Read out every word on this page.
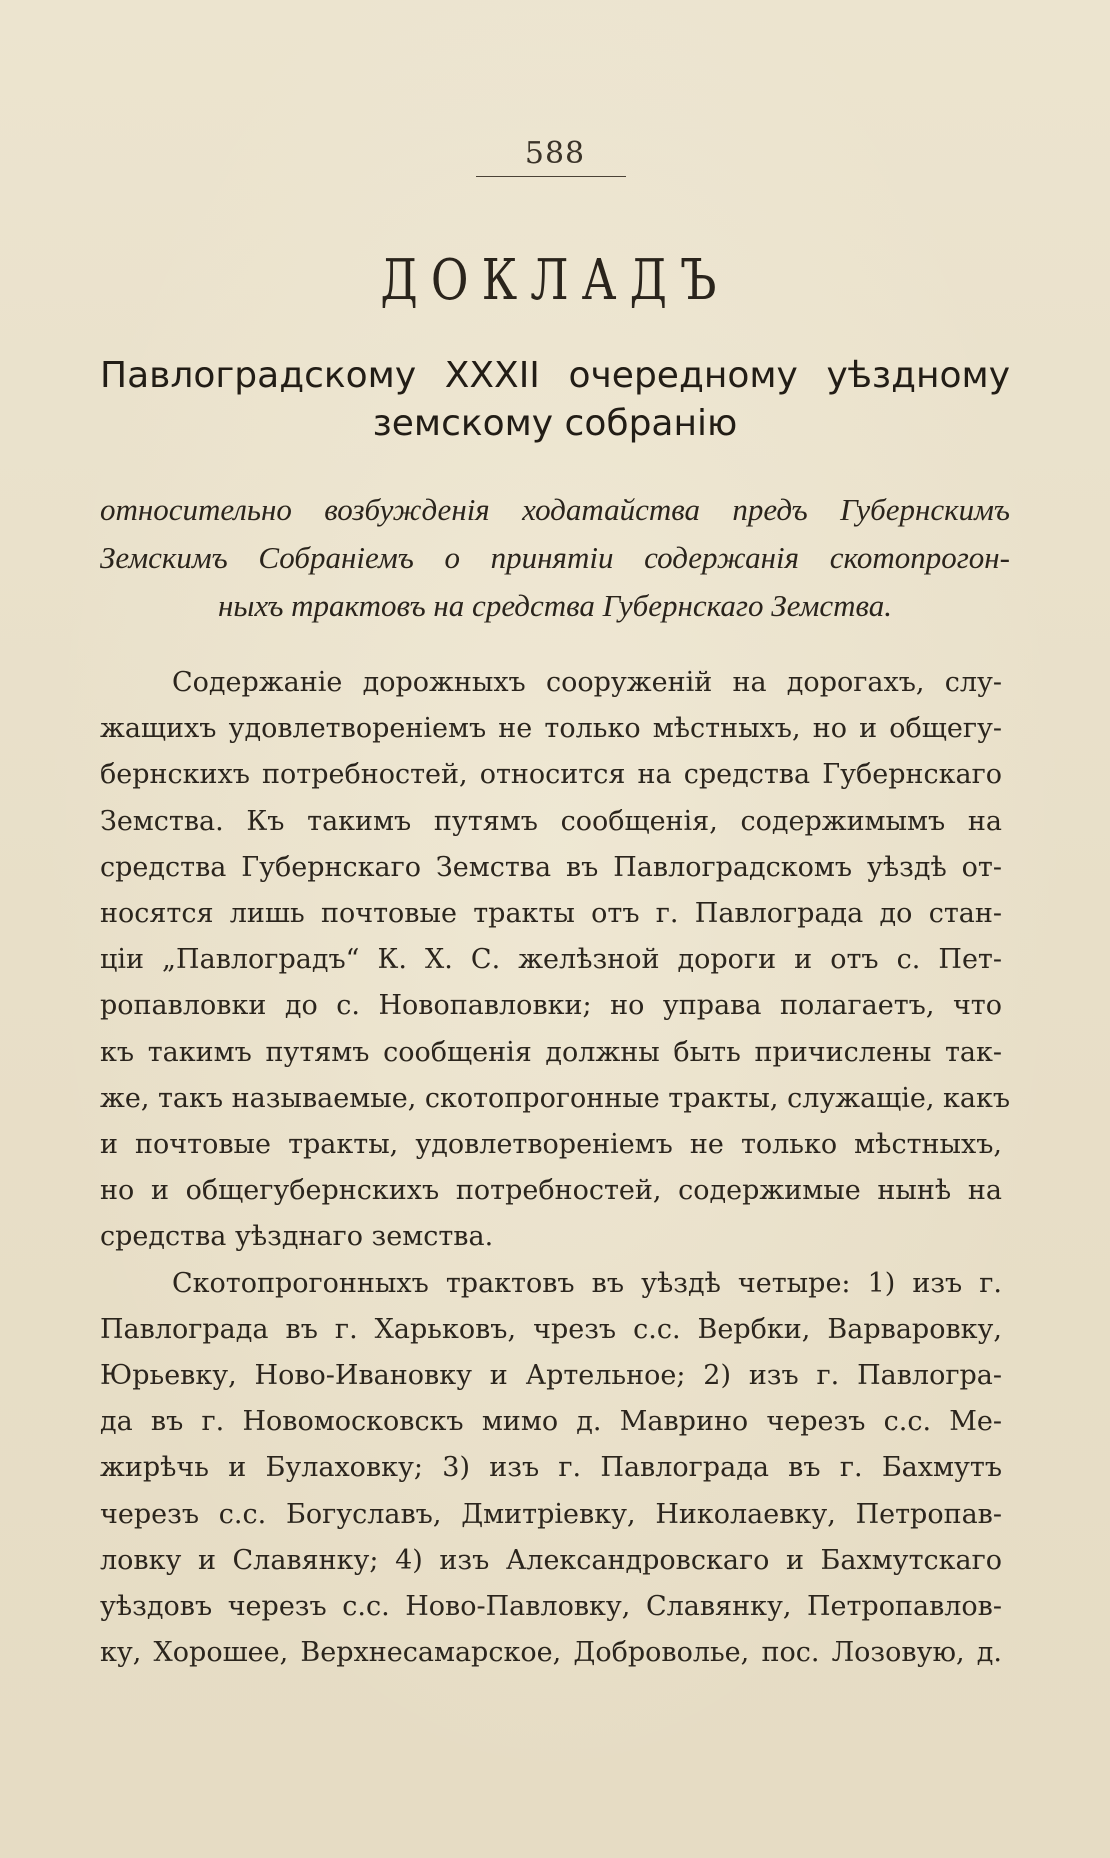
588
ДОКЛАДЪ
Павлоградскому XXXII очередному уѣздному
земскому собранію
относительно возбужденія ходатайства предъ Губернскимъ
Земскимъ Собраніемъ о принятіи содержанія скотопрогон-
ныхъ трактовъ на средства Губернскаго Земства.
Содержаніе дорожныхъ сооруженій на дорогахъ, слу-
жащихъ удовлетвореніемъ не только мѣстныхъ, но и общегу-
бернскихъ потребностей, относится на средства Губернскаго
Земства. Къ такимъ путямъ сообщенія, содержимымъ на
средства Губернскаго Земства въ Павлоградскомъ уѣздѣ от-
носятся лишь почтовые тракты отъ г. Павлограда до стан-
ціи „Павлоградъ“ К. Х. С. желѣзной дороги и отъ с. Пет-
ропавловки до с. Новопавловки; но управа полагаетъ, что
къ такимъ путямъ сообщенія должны быть причислены так-
же, такъ называемые, скотопрогонные тракты, служащіе, какъ
и почтовые тракты, удовлетвореніемъ не только мѣстныхъ,
но и общегубернскихъ потребностей, содержимые нынѣ на
средства уѣзднаго земства.
Скотопрогонныхъ трактовъ въ уѣздѣ четыре: 1) изъ г.
Павлограда въ г. Харьковъ, чрезъ с.с. Вербки, Варваровку,
Юрьевку, Ново-Ивановку и Артельное; 2) изъ г. Павлогра-
да въ г. Новомосковскъ мимо д. Маврино черезъ с.с. Ме-
жирѣчь и Булаховку; 3) изъ г. Павлограда въ г. Бахмутъ
черезъ с.с. Богуславъ, Дмитріевку, Николаевку, Петропав-
ловку и Славянку; 4) изъ Александровскаго и Бахмутскаго
уѣздовъ черезъ с.с. Ново-Павловку, Славянку, Петропавлов-
ку, Хорошее, Верхнесамарское, Доброволье, пос. Лозовую, д.
